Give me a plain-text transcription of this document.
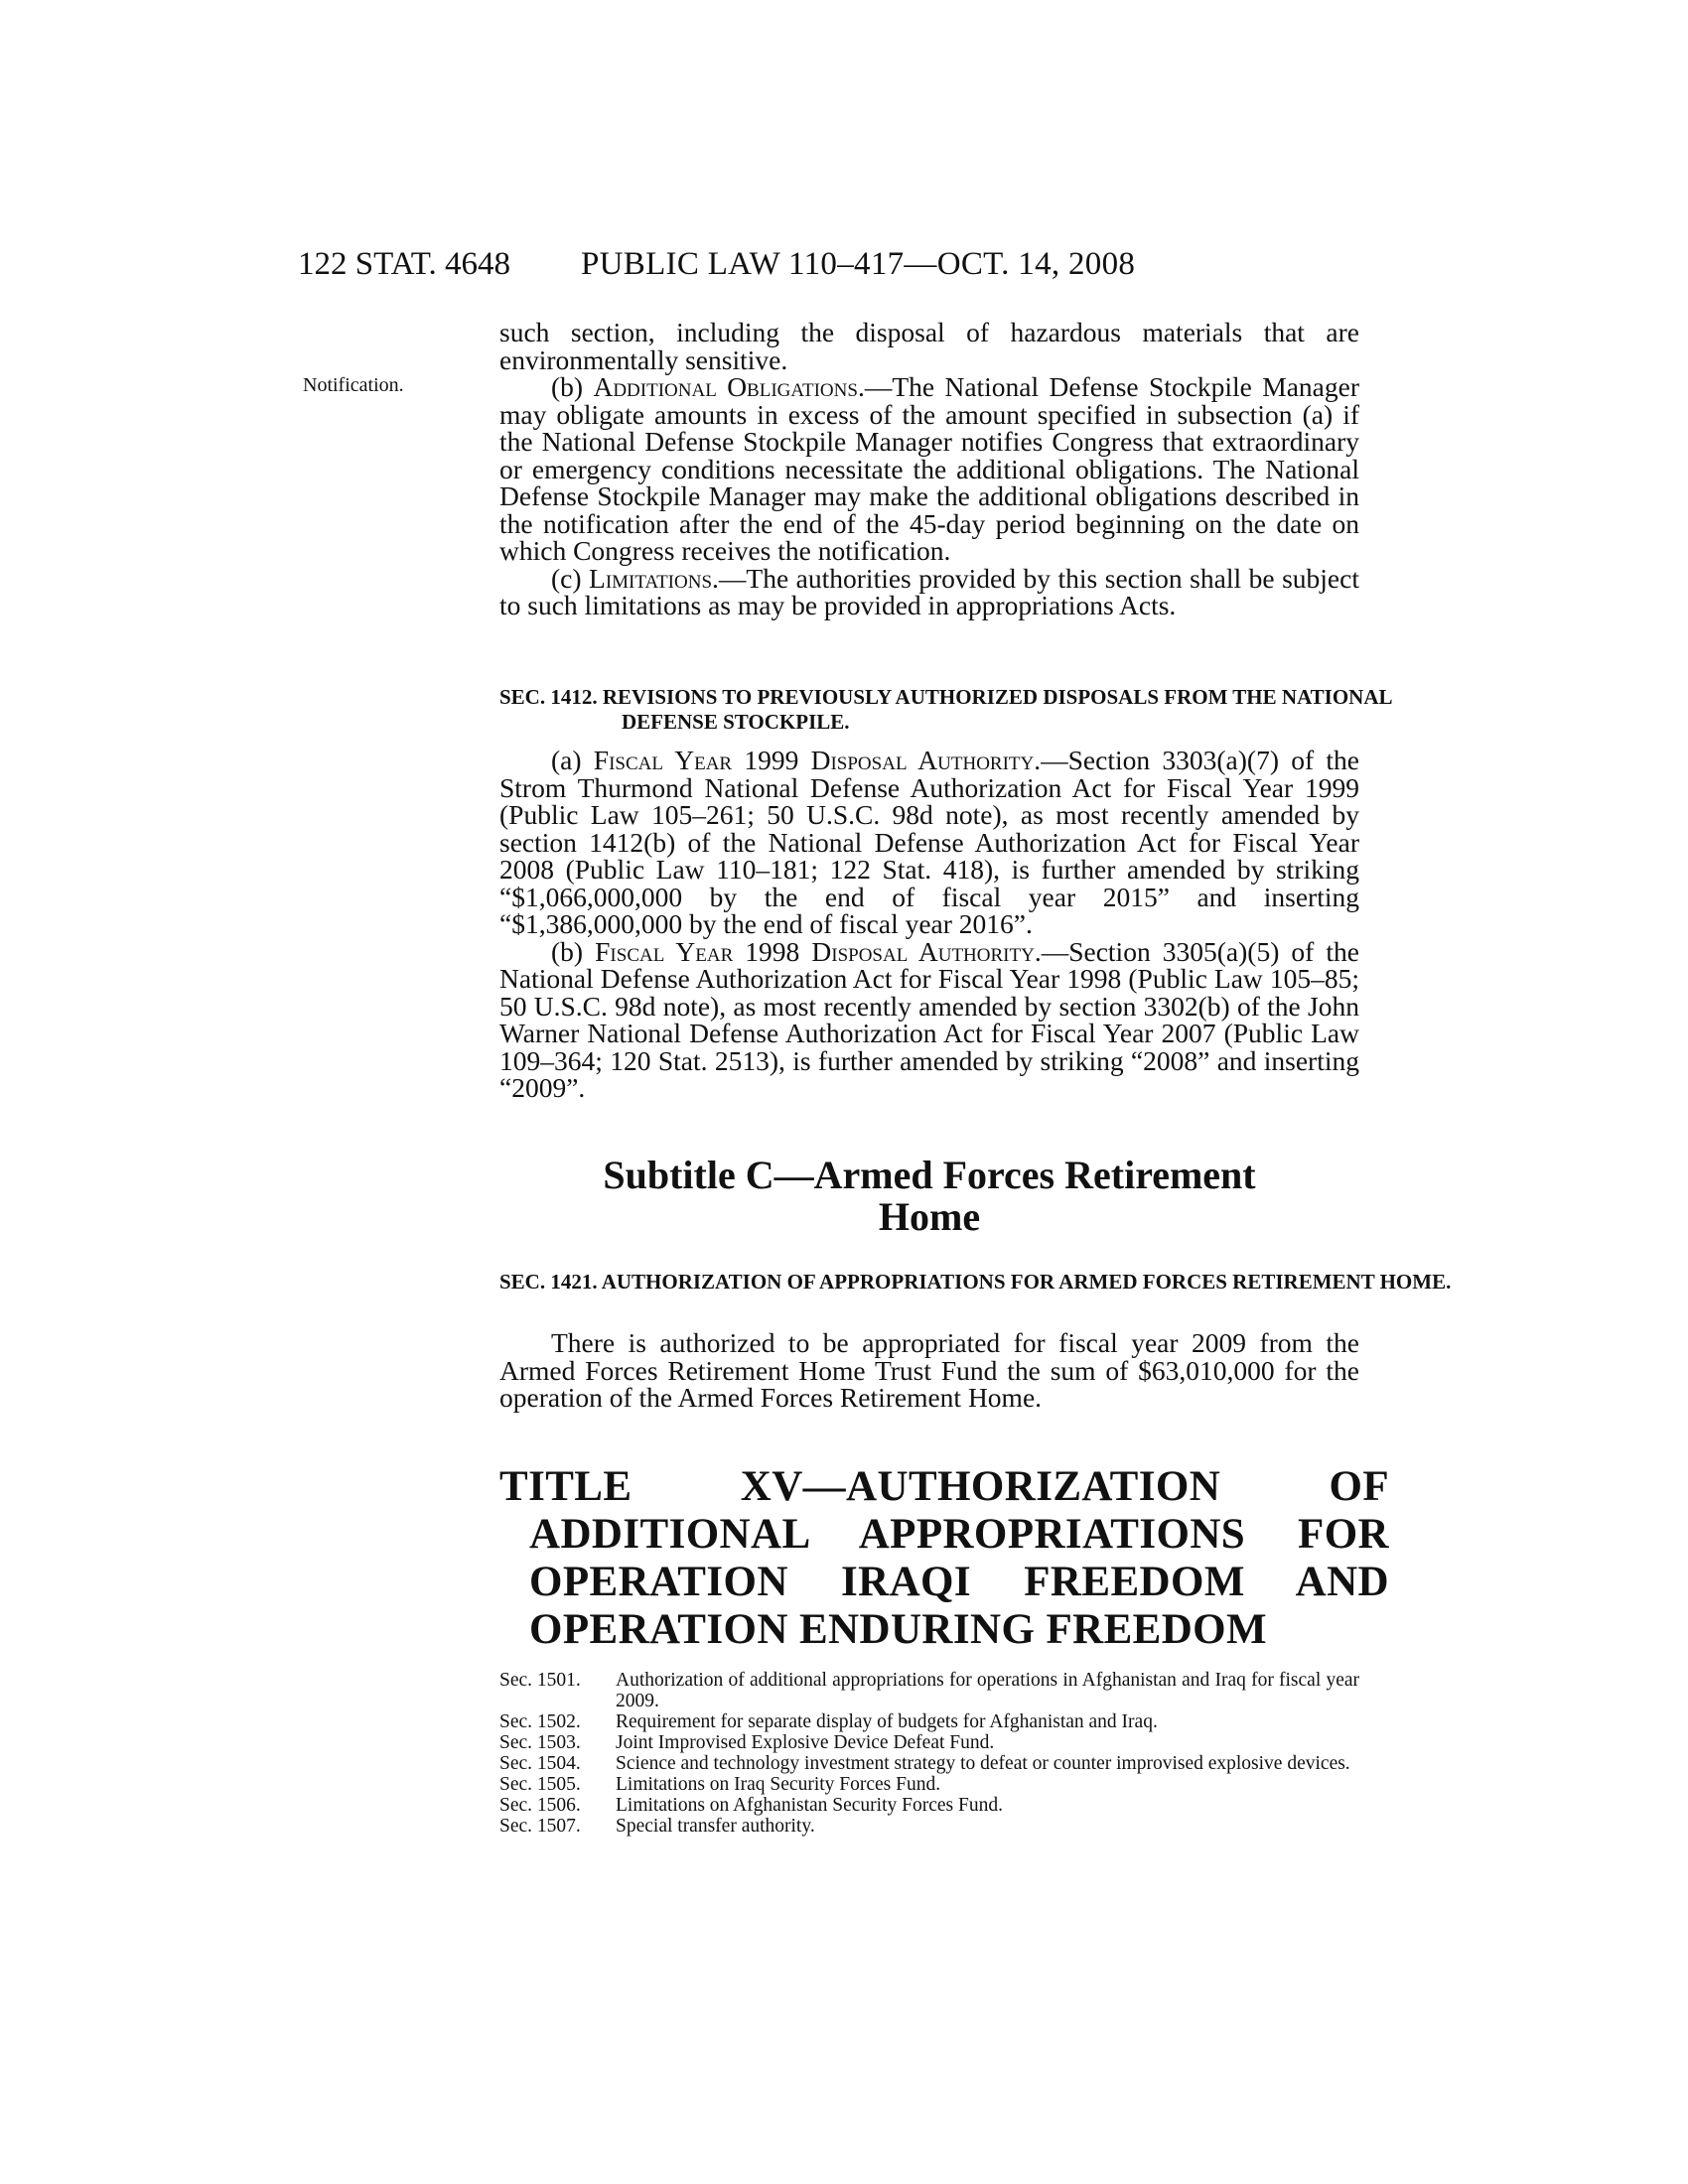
122 STAT. 4648 PUBLIC LAW 110–417—OCT. 14, 2008
Notification.

such section, including the disposal of hazardous materials that are environmentally sensitive.

(b) Additional Obligations.—The National Defense Stockpile Manager may obligate amounts in excess of the amount specified in subsection (a) if the National Defense Stockpile Manager notifies Congress that extraordinary or emergency conditions necessitate the additional obligations. The National Defense Stockpile Manager may make the additional obligations described in the notification after the end of the 45-day period beginning on the date on which Congress receives the notification.

(c) Limitations.—The authorities provided by this section shall be subject to such limitations as may be provided in appropriations Acts.

SEC. 1412. REVISIONS TO PREVIOUSLY AUTHORIZED DISPOSALS FROM THE NATIONAL DEFENSE STOCKPILE.

(a) Fiscal Year 1999 Disposal Authority.—Section 3303(a)(7) of the Strom Thurmond National Defense Authorization Act for Fiscal Year 1999 (Public Law 105–261; 50 U.S.C. 98d note), as most recently amended by section 1412(b) of the National Defense Authorization Act for Fiscal Year 2008 (Public Law 110–181; 122 Stat. 418), is further amended by striking “$1,066,000,000 by the end of fiscal year 2015” and inserting “$1,386,000,000 by the end of fiscal year 2016”.

(b) Fiscal Year 1998 Disposal Authority.—Section 3305(a)(5) of the National Defense Authorization Act for Fiscal Year 1998 (Public Law 105–85; 50 U.S.C. 98d note), as most recently amended by section 3302(b) of the John Warner National Defense Authorization Act for Fiscal Year 2007 (Public Law 109–364; 120 Stat. 2513), is further amended by striking “2008” and inserting “2009”.

Subtitle C—Armed Forces Retirement
Home
SEC. 1421. AUTHORIZATION OF APPROPRIATIONS FOR ARMED FORCES RETIREMENT HOME.

There is authorized to be appropriated for fiscal year 2009 from the Armed Forces Retirement Home Trust Fund the sum of $63,010,000 for the operation of the Armed Forces Retirement Home.

TITLE XV—AUTHORIZATION OF ADDITIONAL APPROPRIATIONS FOR OPERATION IRAQI FREEDOM AND OPERATION ENDURING FREEDOM
Sec. 1501.	Authorization of additional appropriations for operations in Afghanistan and Iraq for fiscal year 2009.
Sec. 1502.	Requirement for separate display of budgets for Afghanistan and Iraq.
Sec. 1503.	Joint Improvised Explosive Device Defeat Fund.
Sec. 1504.	Science and technology investment strategy to defeat or counter improvised explosive devices.
Sec. 1505.	Limitations on Iraq Security Forces Fund.
Sec. 1506.	Limitations on Afghanistan Security Forces Fund.
Sec. 1507.	Special transfer authority.
